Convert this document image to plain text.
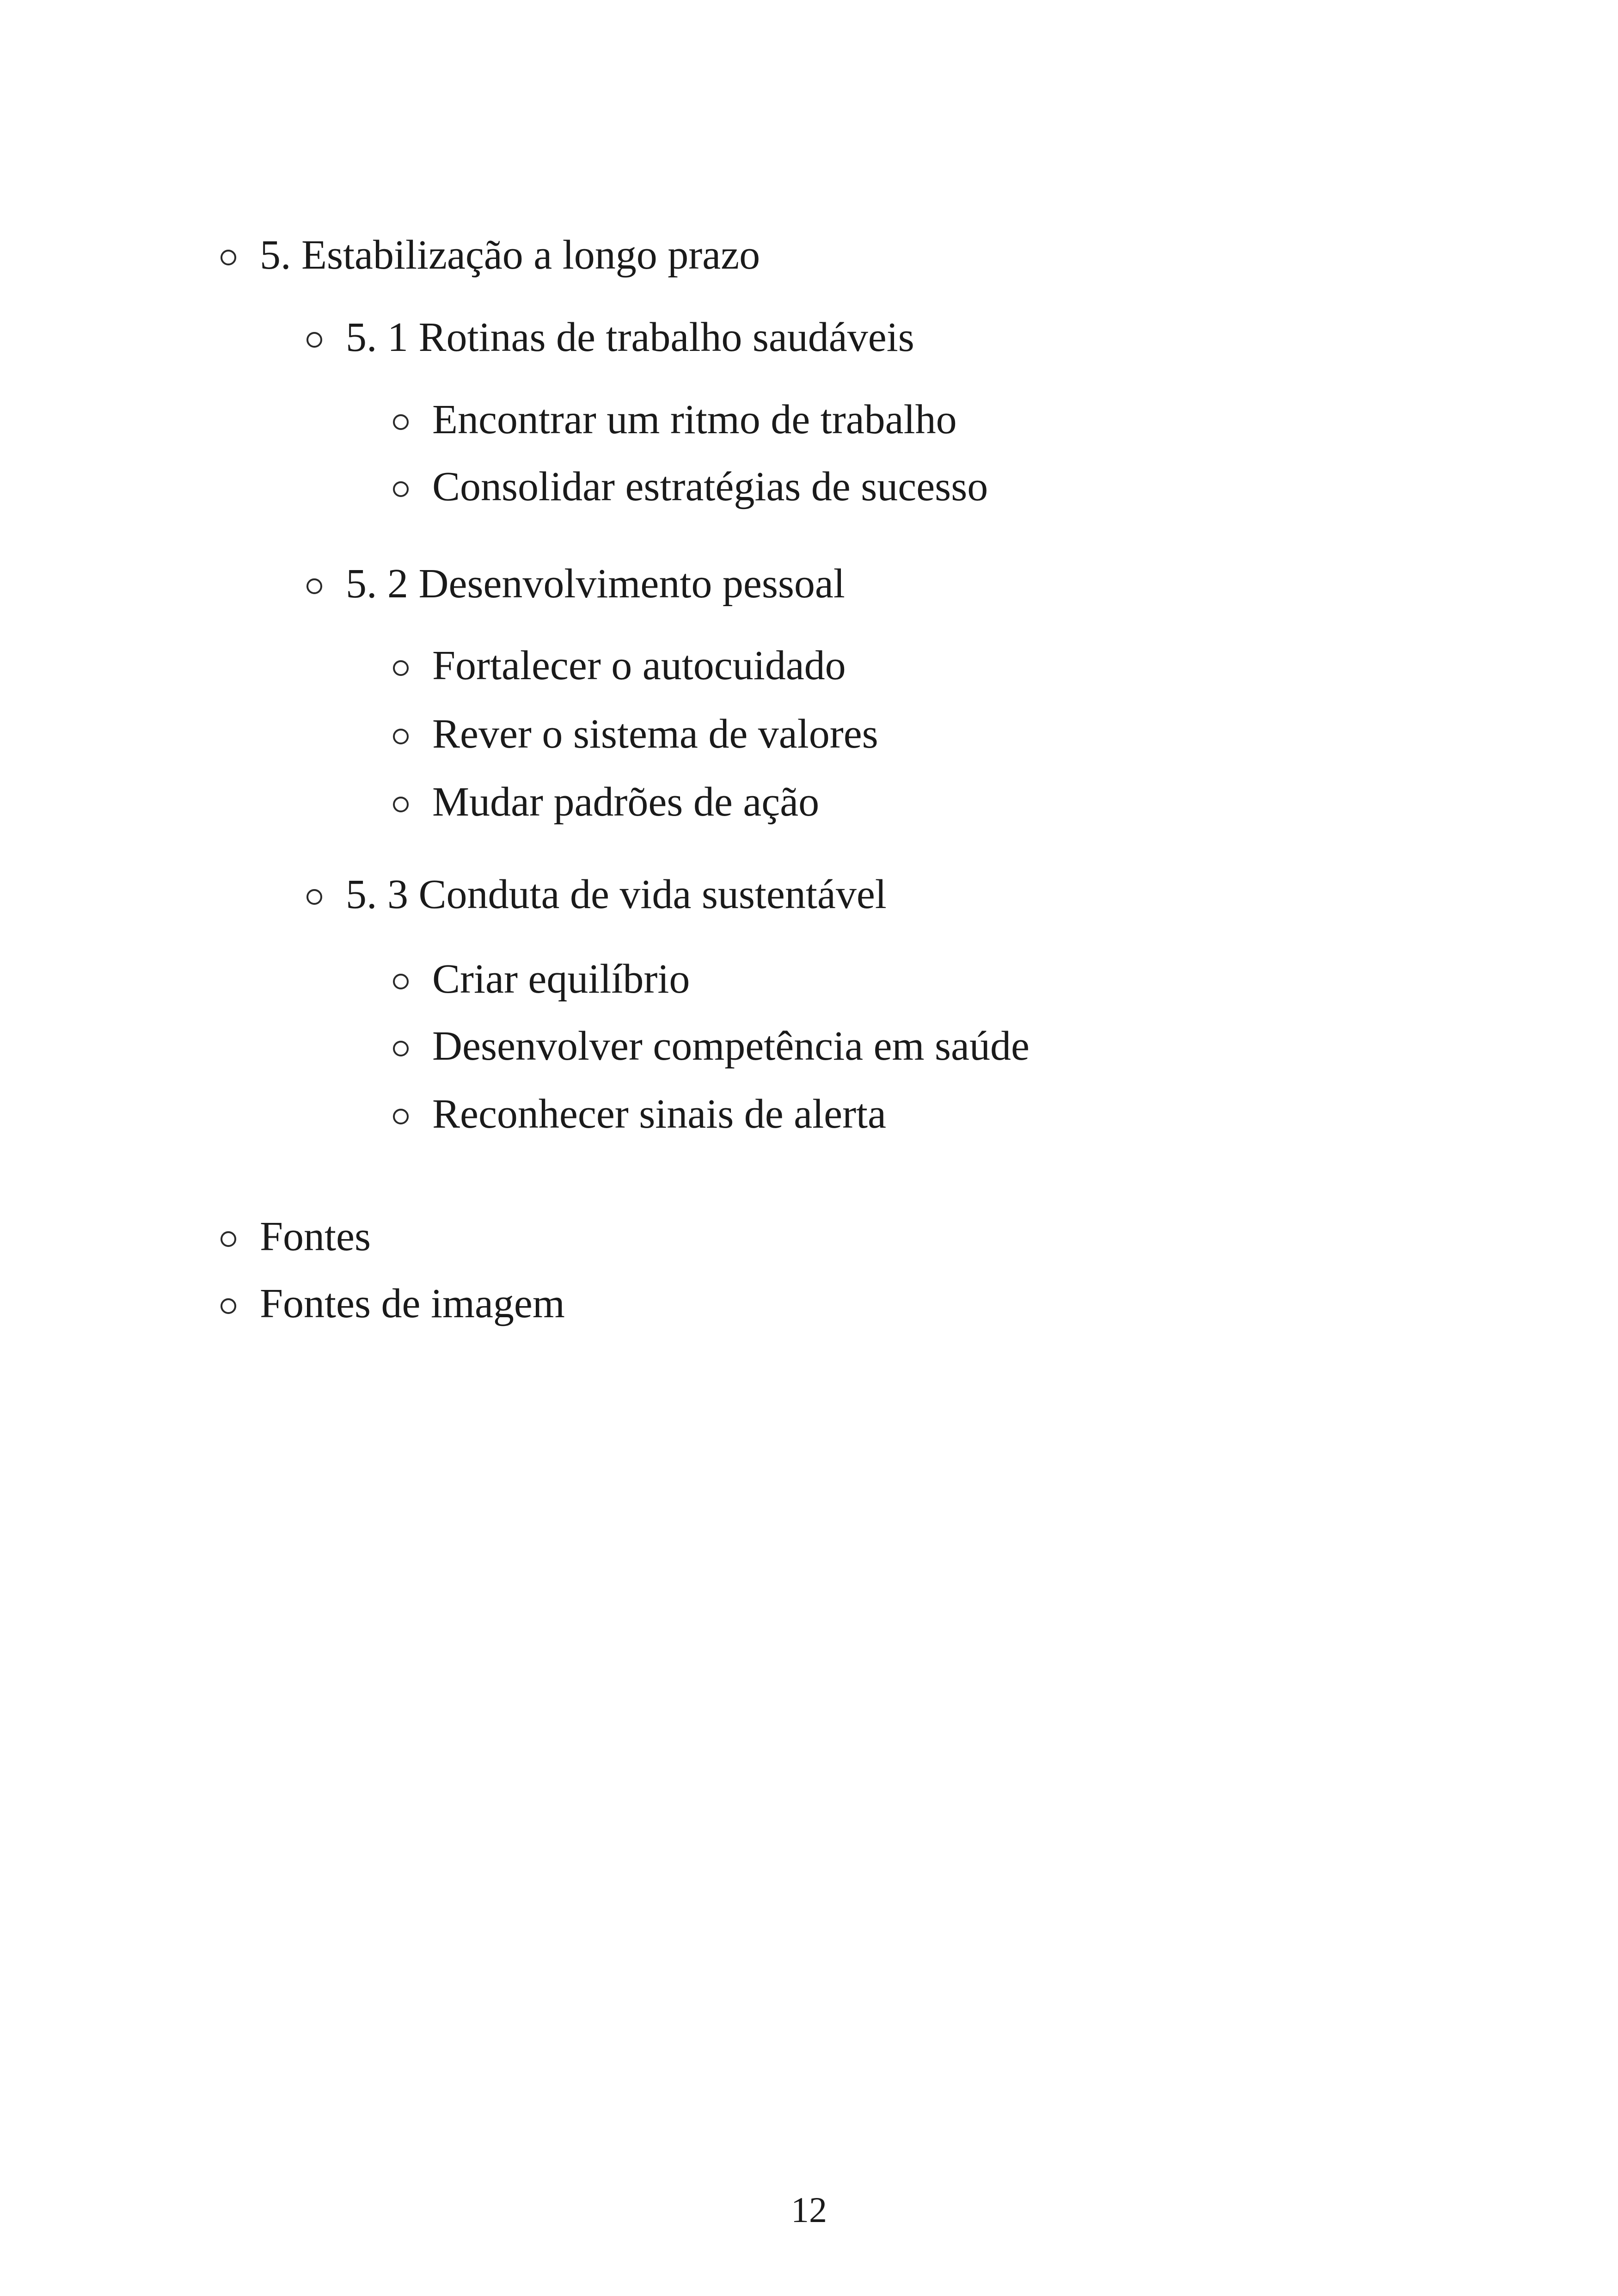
5. Estabilização a longo prazo
5. 1 Rotinas de trabalho saudáveis
Encontrar um ritmo de trabalho
Consolidar estratégias de sucesso
5. 2 Desenvolvimento pessoal
Fortalecer o autocuidado
Rever o sistema de valores
Mudar padrões de ação
5. 3 Conduta de vida sustentável
Criar equilíbrio
Desenvolver competência em saúde
Reconhecer sinais de alerta
Fontes
Fontes de imagem
12
